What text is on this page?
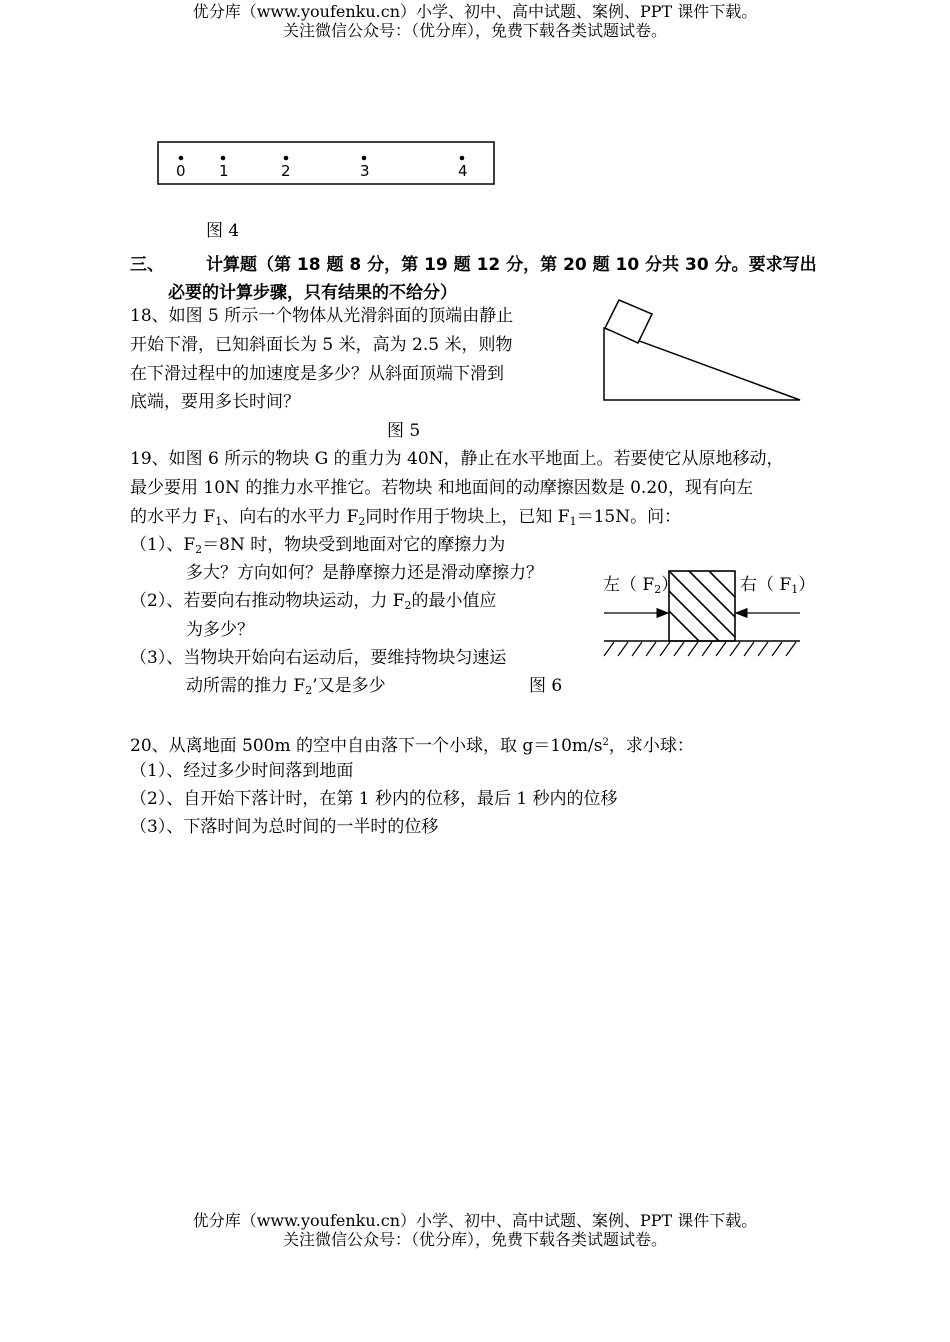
优分库（www.youfenku.cn）小学、初中、高中试题、案例、PPT 课件下载。
关注微信公众号：（优分库），免费下载各类试题试卷。
0 1	2	3	4
图 4
三、 计算题（第 18 题 8 分，第 19 题 12 分，第 20 题 10 分共 30 分。要求写出
必要的计算步骤，只有结果的不给分）
18、如图 5 所示一个物体从光滑斜面的顶端由静止
开始下滑，已知斜面长为 5 米，高为 2.5 米，则物
在下滑过程中的加速度是多少？从斜面顶端下滑到
底端，要用多长时间？
图 5
19、如图 6 所示的物块 G 的重力为 40N，静止在水平地面上。若要使它从原地移动，
最少要用 10N 的推力水平推它。若物块 和地面间的动摩擦因数是 0.20，现有向左
的水平力 $F_1$、向右的水平力 $F_2$同时作用于物块上，已知 $F_1=15N$。问：
（1）、$F_2=8N$ 时，物块受到地面对它的摩擦力为
多大？方向如何？是静摩擦力还是滑动摩擦力？
（2）、若要向右推动物块运动，力 $F_2$的最小值应
为多少？
（3）、当物块开始向右运动后，要维持物块匀速运
动所需的推力 $F_2$’又是多少	图 6
左（ $F_2$）	右（ $F_1$）
20、从离地面 500m 的空中自由落下一个小球，取 $g=10m/s^2$，求小球：
（1）、经过多少时间落到地面
（2）、自开始下落计时，在第 1 秒内的位移，最后 1 秒内的位移
（3）、下落时间为总时间的一半时的位移
优分库（www.youfenku.cn）小学、初中、高中试题、案例、PPT 课件下载。
关注微信公众号：（优分库），免费下载各类试题试卷。
